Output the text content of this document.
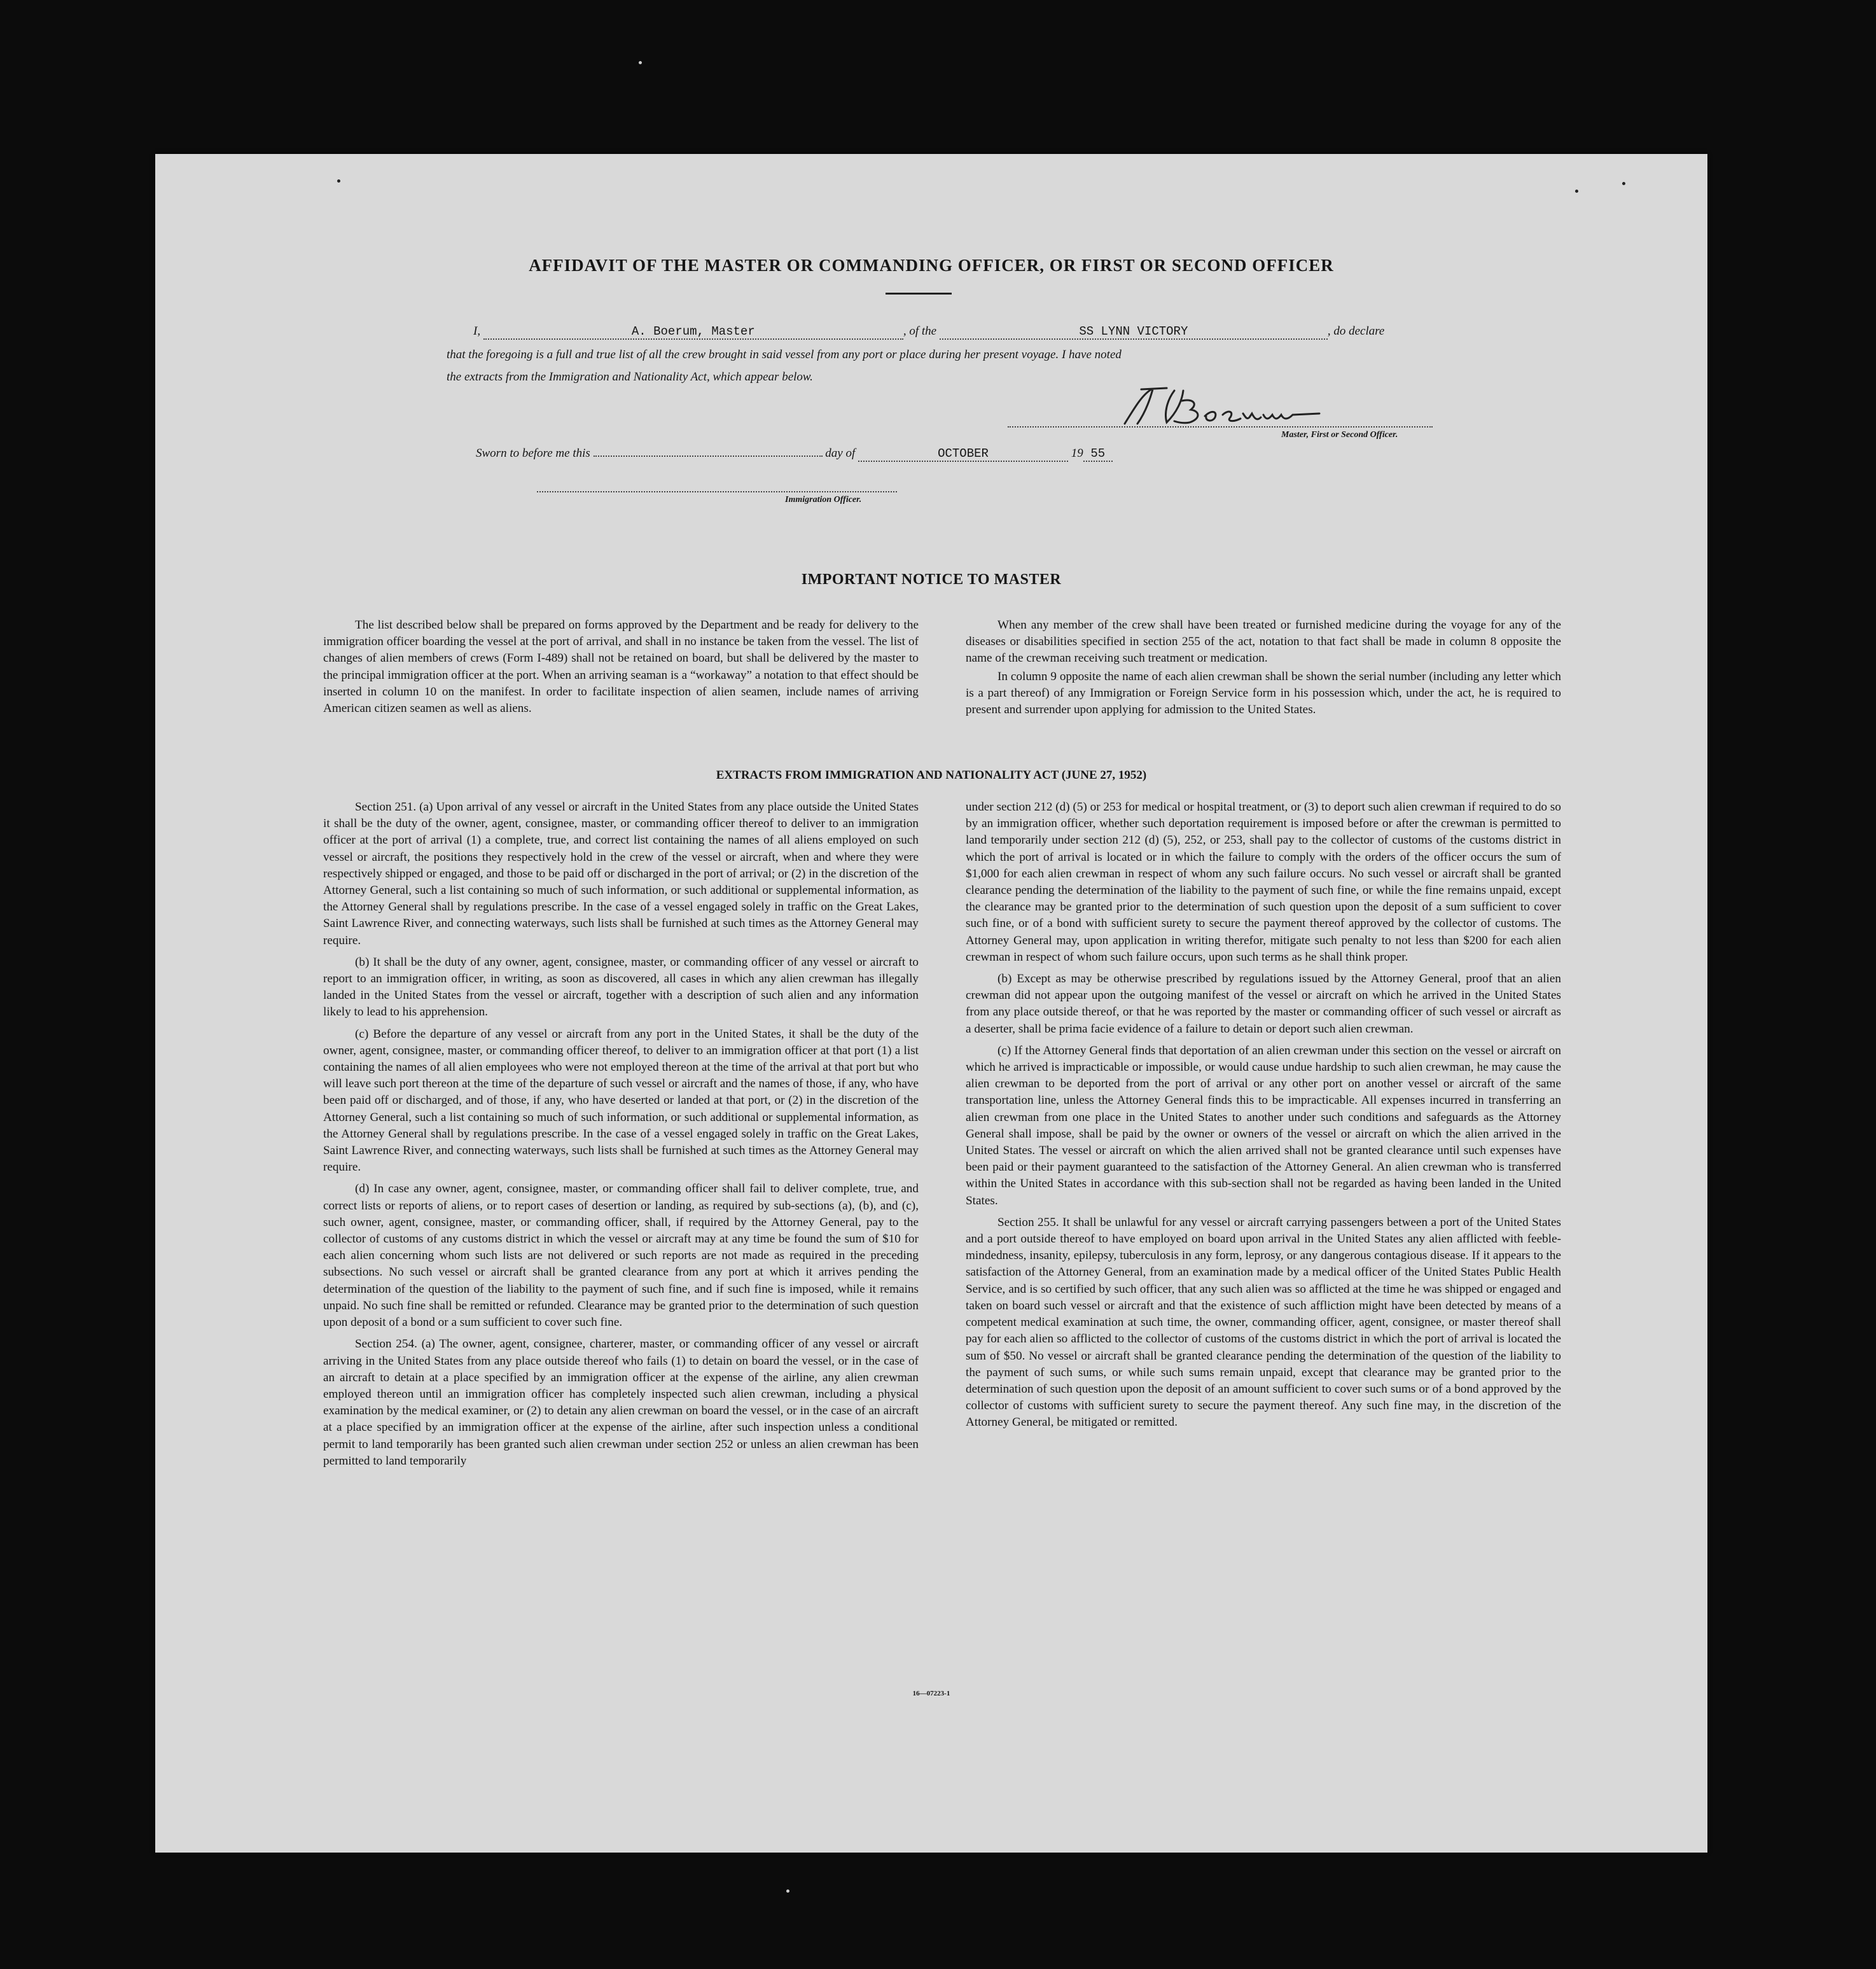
AFFIDAVIT OF THE MASTER OR COMMANDING OFFICER, OR FIRST OR SECOND OFFICER
I,	A. Boerum, Master	, of the	SS LYNN VICTORY	, do declare
that the foregoing is a full and true list of all the crew brought in said vessel from any port or place during her present voyage. I have noted
the extracts from the Immigration and Nationality Act, which appear below.
Master, First or Second Officer.
Sworn to before me this	day of	OCTOBER	19 55
Immigration Officer.
IMPORTANT NOTICE TO MASTER

The list described below shall be prepared on forms approved by the Department and be ready for delivery to the immigration officer boarding the vessel at the port of arrival, and shall in no instance be taken from the vessel. The list of changes of alien members of crews (Form I-489) shall not be retained on board, but shall be delivered by the master to the principal immigration officer at the port. When an arriving seaman is a “workaway” a notation to that effect should be inserted in column 10 on the manifest. In order to facilitate inspection of alien seamen, include names of arriving American citizen seamen as well as aliens.

When any member of the crew shall have been treated or furnished medicine during the voyage for any of the diseases or disabilities specified in section 255 of the act, notation to that fact shall be made in column 8 opposite the name of the crewman receiving such treatment or medication.

In column 9 opposite the name of each alien crewman shall be shown the serial number (including any letter which is a part thereof) of any Immigration or Foreign Service form in his possession which, under the act, he is required to present and surrender upon applying for admission to the United States.

EXTRACTS FROM IMMIGRATION AND NATIONALITY ACT (JUNE 27, 1952)

Section 251. (a) Upon arrival of any vessel or aircraft in the United States from any place outside the United States it shall be the duty of the owner, agent, consignee, master, or commanding officer thereof to deliver to an immigration officer at the port of arrival (1) a complete, true, and correct list containing the names of all aliens employed on such vessel or aircraft, the positions they respectively hold in the crew of the vessel or aircraft, when and where they were respectively shipped or engaged, and those to be paid off or discharged in the port of arrival; or (2) in the discretion of the Attorney General, such a list containing so much of such information, or such additional or supplemental information, as the Attorney General shall by regulations prescribe. In the case of a vessel engaged solely in traffic on the Great Lakes, Saint Lawrence River, and connecting waterways, such lists shall be furnished at such times as the Attorney General may require.

(b) It shall be the duty of any owner, agent, consignee, master, or commanding officer of any vessel or aircraft to report to an immigration officer, in writing, as soon as discovered, all cases in which any alien crewman has illegally landed in the United States from the vessel or aircraft, together with a description of such alien and any information likely to lead to his apprehension.

(c) Before the departure of any vessel or aircraft from any port in the United States, it shall be the duty of the owner, agent, consignee, master, or commanding officer thereof, to deliver to an immigration officer at that port (1) a list containing the names of all alien employees who were not employed thereon at the time of the arrival at that port but who will leave such port thereon at the time of the departure of such vessel or aircraft and the names of those, if any, who have been paid off or discharged, and of those, if any, who have deserted or landed at that port, or (2) in the discretion of the Attorney General, such a list containing so much of such information, or such additional or supplemental information, as the Attorney General shall by regulations prescribe. In the case of a vessel engaged solely in traffic on the Great Lakes, Saint Lawrence River, and connecting waterways, such lists shall be furnished at such times as the Attorney General may require.

(d) In case any owner, agent, consignee, master, or commanding officer shall fail to deliver complete, true, and correct lists or reports of aliens, or to report cases of desertion or landing, as required by sub-sections (a), (b), and (c), such owner, agent, consignee, master, or commanding officer, shall, if required by the Attorney General, pay to the collector of customs of any customs district in which the vessel or aircraft may at any time be found the sum of $10 for each alien concerning whom such lists are not delivered or such reports are not made as required in the preceding subsections. No such vessel or aircraft shall be granted clearance from any port at which it arrives pending the determination of the question of the liability to the payment of such fine, and if such fine is imposed, while it remains unpaid. No such fine shall be remitted or refunded. Clearance may be granted prior to the determination of such question upon deposit of a bond or a sum sufficient to cover such fine.

Section 254. (a) The owner, agent, consignee, charterer, master, or commanding officer of any vessel or aircraft arriving in the United States from any place outside thereof who fails (1) to detain on board the vessel, or in the case of an aircraft to detain at a place specified by an immigration officer at the expense of the airline, any alien crewman employed thereon until an immigration officer has completely inspected such alien crewman, including a physical examination by the medical examiner, or (2) to detain any alien crewman on board the vessel, or in the case of an aircraft at a place specified by an immigration officer at the expense of the airline, after such inspection unless a conditional permit to land temporarily has been granted such alien crewman under section 252 or unless an alien crewman has been permitted to land temporarily

under section 212 (d) (5) or 253 for medical or hospital treatment, or (3) to deport such alien crewman if required to do so by an immigration officer, whether such deportation requirement is imposed before or after the crewman is permitted to land temporarily under section 212 (d) (5), 252, or 253, shall pay to the collector of customs of the customs district in which the port of arrival is located or in which the failure to comply with the orders of the officer occurs the sum of $1,000 for each alien crewman in respect of whom any such failure occurs. No such vessel or aircraft shall be granted clearance pending the determination of the liability to the payment of such fine, or while the fine remains unpaid, except the clearance may be granted prior to the determination of such question upon the deposit of a sum sufficient to cover such fine, or of a bond with sufficient surety to secure the payment thereof approved by the collector of customs. The Attorney General may, upon application in writing therefor, mitigate such penalty to not less than $200 for each alien crewman in respect of whom such failure occurs, upon such terms as he shall think proper.

(b) Except as may be otherwise prescribed by regulations issued by the Attorney General, proof that an alien crewman did not appear upon the outgoing manifest of the vessel or aircraft on which he arrived in the United States from any place outside thereof, or that he was reported by the master or commanding officer of such vessel or aircraft as a deserter, shall be prima facie evidence of a failure to detain or deport such alien crewman.

(c) If the Attorney General finds that deportation of an alien crewman under this section on the vessel or aircraft on which he arrived is impracticable or impossible, or would cause undue hardship to such alien crewman, he may cause the alien crewman to be deported from the port of arrival or any other port on another vessel or aircraft of the same transportation line, unless the Attorney General finds this to be impracticable. All expenses incurred in transferring an alien crewman from one place in the United States to another under such conditions and safeguards as the Attorney General shall impose, shall be paid by the owner or owners of the vessel or aircraft on which the alien arrived in the United States. The vessel or aircraft on which the alien arrived shall not be granted clearance until such expenses have been paid or their payment guaranteed to the satisfaction of the Attorney General. An alien crewman who is transferred within the United States in accordance with this sub-section shall not be regarded as having been landed in the United States.

Section 255. It shall be unlawful for any vessel or aircraft carrying passengers between a port of the United States and a port outside thereof to have employed on board upon arrival in the United States any alien afflicted with feeble-mindedness, insanity, epilepsy, tuberculosis in any form, leprosy, or any dangerous contagious disease. If it appears to the satisfaction of the Attorney General, from an examination made by a medical officer of the United States Public Health Service, and is so certified by such officer, that any such alien was so afflicted at the time he was shipped or engaged and taken on board such vessel or aircraft and that the existence of such affliction might have been detected by means of a competent medical examination at such time, the owner, commanding officer, agent, consignee, or master thereof shall pay for each alien so afflicted to the collector of customs of the customs district in which the port of arrival is located the sum of $50. No vessel or aircraft shall be granted clearance pending the determination of the question of the liability to the payment of such sums, or while such sums remain unpaid, except that clearance may be granted prior to the determination of such question upon the deposit of an amount sufficient to cover such sums or of a bond approved by the collector of customs with sufficient surety to secure the payment thereof. Any such fine may, in the discretion of the Attorney General, be mitigated or remitted.

16—07223-1
